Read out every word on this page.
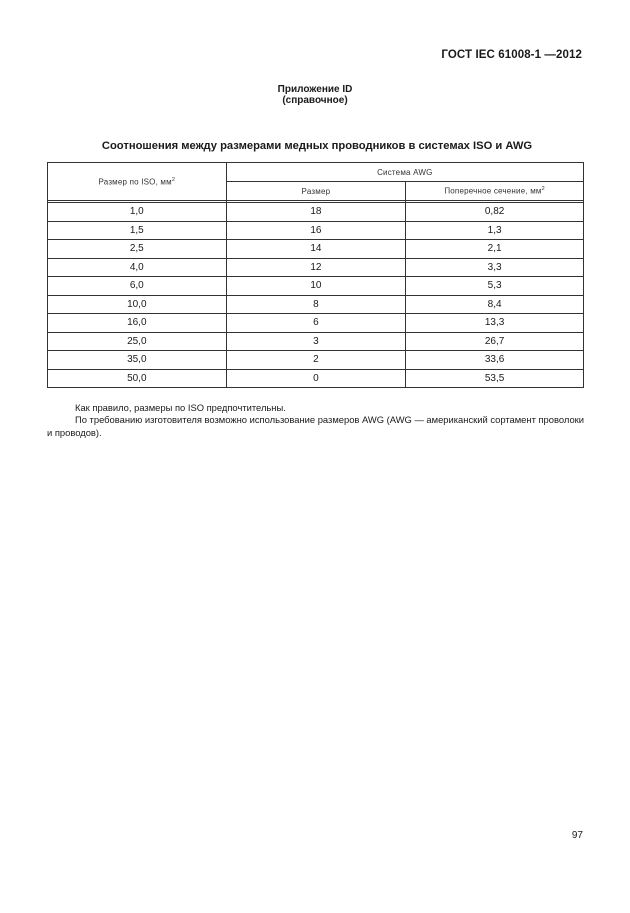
ГОСТ IEC 61008-1 —2012
Приложение ID
(справочное)
Соотношения между размерами медных проводников в системах ISO и AWG
Размер по ISO, $мм^2$	Система AWG	
	Размер	Поперечное сечение, $мм^2$

1,0	18	0,82
1,5	16	1,3
2,5	14	2,1
4,0	12	3,3
6,0	10	5,3
10,0	8	8,4
16,0	6	13,3
25,0	3	26,7
35,0	2	33,6
50,0	0	53,5

Как правило, размеры по ISO предпочтительны.

По требованию изготовителя возможно использование размеров AWG (AWG — американский сортамент проволоки и проводов).

97
